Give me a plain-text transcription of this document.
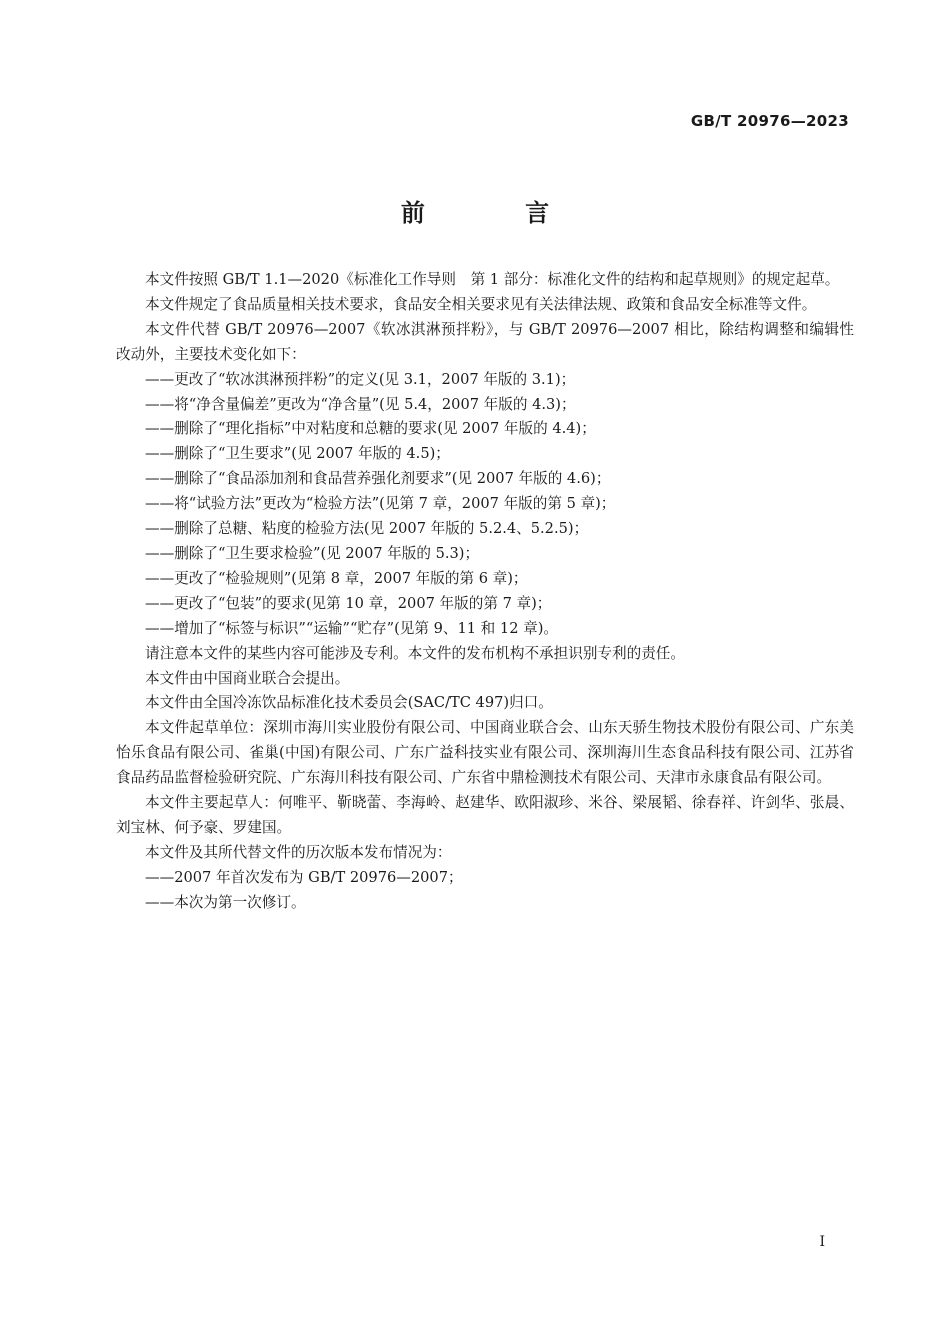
GB/T 20976—2023
前 言

本文件按照 GB/T 1.1—2020《标准化工作导则　第 1 部分：标准化文件的结构和起草规则》的规定起草。

本文件规定了食品质量相关技术要求，食品安全相关要求见有关法律法规、政策和食品安全标准等文件。

本文件代替 GB/T 20976—2007《软冰淇淋预拌粉》，与 GB/T 20976—2007 相比，除结构调整和编辑性改动外，主要技术变化如下：

——更改了“软冰淇淋预拌粉”的定义(见 3.1，2007 年版的 3.1)；

——将“净含量偏差”更改为“净含量”(见 5.4，2007 年版的 4.3)；

——删除了“理化指标”中对粘度和总糖的要求(见 2007 年版的 4.4)；

——删除了“卫生要求”(见 2007 年版的 4.5)；

——删除了“食品添加剂和食品营养强化剂要求”(见 2007 年版的 4.6)；

——将“试验方法”更改为“检验方法”(见第 7 章，2007 年版的第 5 章)；

——删除了总糖、粘度的检验方法(见 2007 年版的 5.2.4、5.2.5)；

——删除了“卫生要求检验”(见 2007 年版的 5.3)；

——更改了“检验规则”(见第 8 章，2007 年版的第 6 章)；

——更改了“包装”的要求(见第 10 章，2007 年版的第 7 章)；

——增加了“标签与标识”“运输”“贮存”(见第 9、11 和 12 章)。

请注意本文件的某些内容可能涉及专利。本文件的发布机构不承担识别专利的责任。

本文件由中国商业联合会提出。

本文件由全国冷冻饮品标准化技术委员会(SAC/TC 497)归口。

本文件起草单位：深圳市海川实业股份有限公司、中国商业联合会、山东天骄生物技术股份有限公司、广东美怡乐食品有限公司、雀巢(中国)有限公司、广东广益科技实业有限公司、深圳海川生态食品科技有限公司、江苏省食品药品监督检验研究院、广东海川科技有限公司、广东省中鼎检测技术有限公司、天津市永康食品有限公司。

本文件主要起草人：何唯平、靳晓蕾、李海岭、赵建华、欧阳淑珍、米谷、梁展韬、徐春祥、许剑华、张晨、刘宝林、何予豪、罗建国。

本文件及其所代替文件的历次版本发布情况为：

——2007 年首次发布为 GB/T 20976—2007；

——本次为第一次修订。

I
